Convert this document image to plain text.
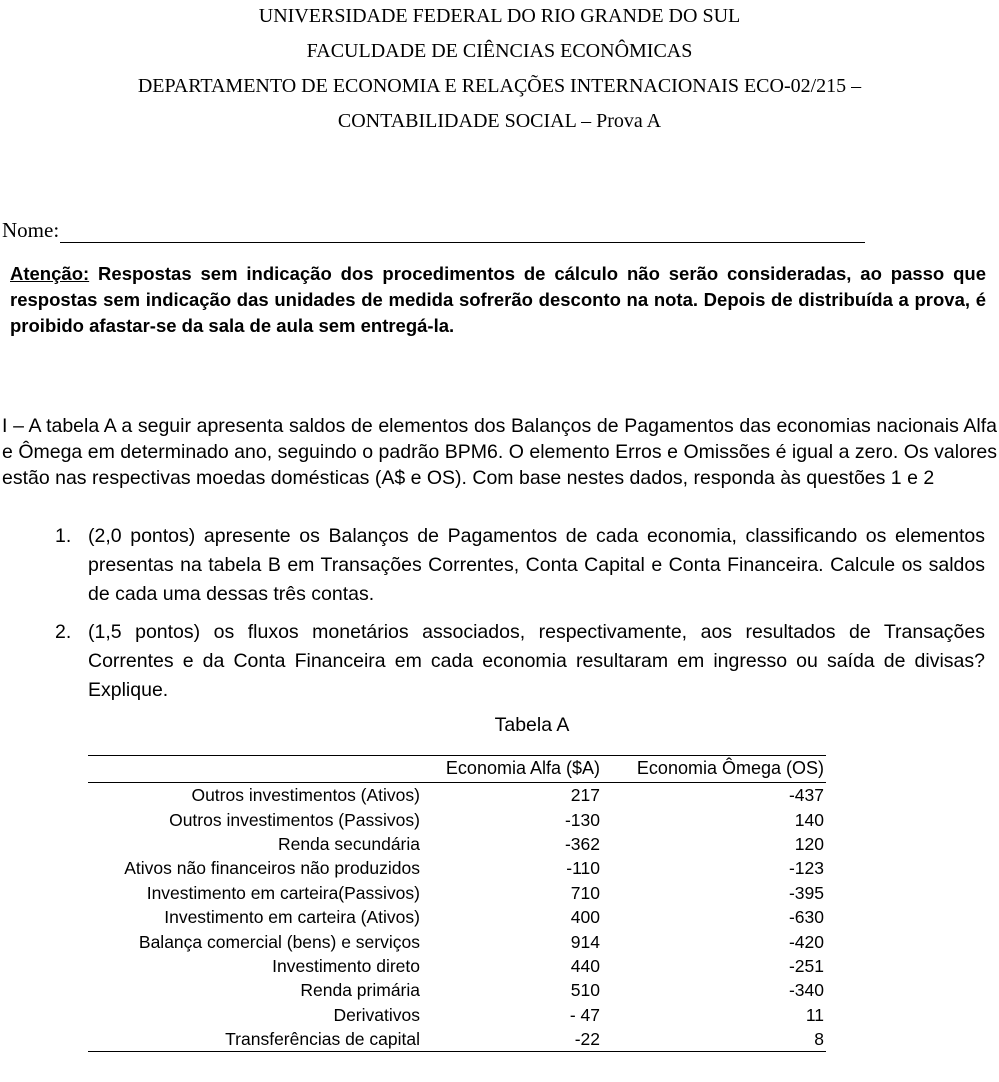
UNIVERSIDADE FEDERAL DO RIO GRANDE DO SUL
FACULDADE DE CIÊNCIAS ECONÔMICAS
DEPARTAMENTO DE ECONOMIA E RELAÇÕES INTERNACIONAIS ECO-02/215 –
CONTABILIDADE SOCIAL – Prova A
Nome:

Atenção: Respostas sem indicação dos procedimentos de cálculo não serão consideradas, ao passo que respostas sem indicação das unidades de medida sofrerão desconto na nota. Depois de distribuída a prova, é proibido afastar-se da sala de aula sem entregá-la.

I – A tabela A a seguir apresenta saldos de elementos dos Balanços de Pagamentos das economias nacionais Alfa e Ômega em determinado ano, seguindo o padrão BPM6. O elemento Erros e Omissões é igual a zero. Os valores estão nas respectivas moedas domésticas (A$ e OS). Com base nestes dados, responda às questões 1 e 2

1. (2,0 pontos) apresente os Balanços de Pagamentos de cada economia, classificando os elementos presentas na tabela B em Transações Correntes, Conta Capital e Conta Financeira. Calcule os saldos de cada uma dessas três contas.
2. (1,5 pontos) os fluxos monetários associados, respectivamente, aos resultados de Transações Correntes e da Conta Financeira em cada economia resultaram em ingresso ou saída de divisas? Explique.
Tabela A
	Economia Alfa ($A)	Economia Ômega (OS)
Outros investimentos (Ativos)	217	-437
Outros investimentos (Passivos)	-130	140
Renda secundária	-362	120
Ativos não financeiros não produzidos	-110	-123
Investimento em carteira(Passivos)	710	-395
Investimento em carteira (Ativos)	400	-630
Balança comercial (bens) e serviços	914	-420
Investimento direto	440	-251
Renda primária	510	-340
Derivativos	- 47	11
Transferências de capital	-22	8
